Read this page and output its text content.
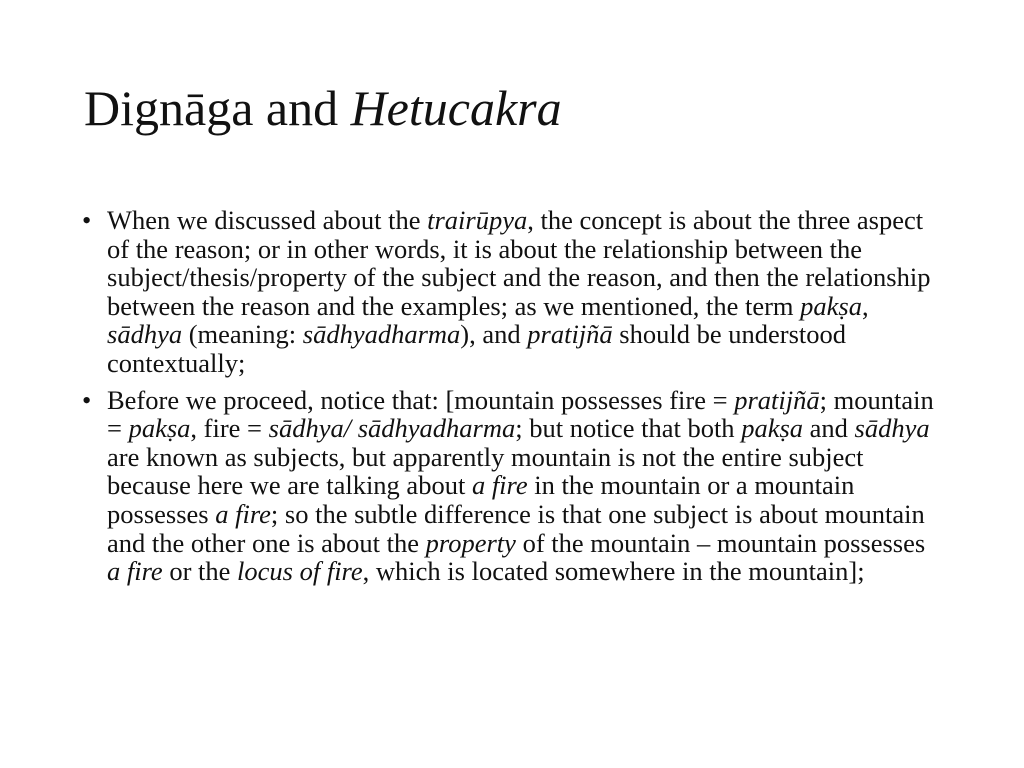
Dignāga and Hetucakra
• When we discussed about the trairūpya, the concept is about the three aspect of the reason; or in other words, it is about the relationship between the subject/thesis/property of the subject and the reason, and then the relationship between the reason and the examples; as we mentioned, the term pakṣa, sādhya (meaning: sādhyadharma), and pratijñā should be understood contextually;
• Before we proceed, notice that: [mountain possesses fire = pratijñā; mountain = pakṣa, fire = sādhya/ sādhyadharma; but notice that both pakṣa and sādhya are known as subjects, but apparently mountain is not the entire subject because here we are talking about a fire in the mountain or a mountain possesses a fire; so the subtle difference is that one subject is about mountain and the other one is about the property of the mountain – mountain possesses a fire or the locus of fire, which is located somewhere in the mountain];
